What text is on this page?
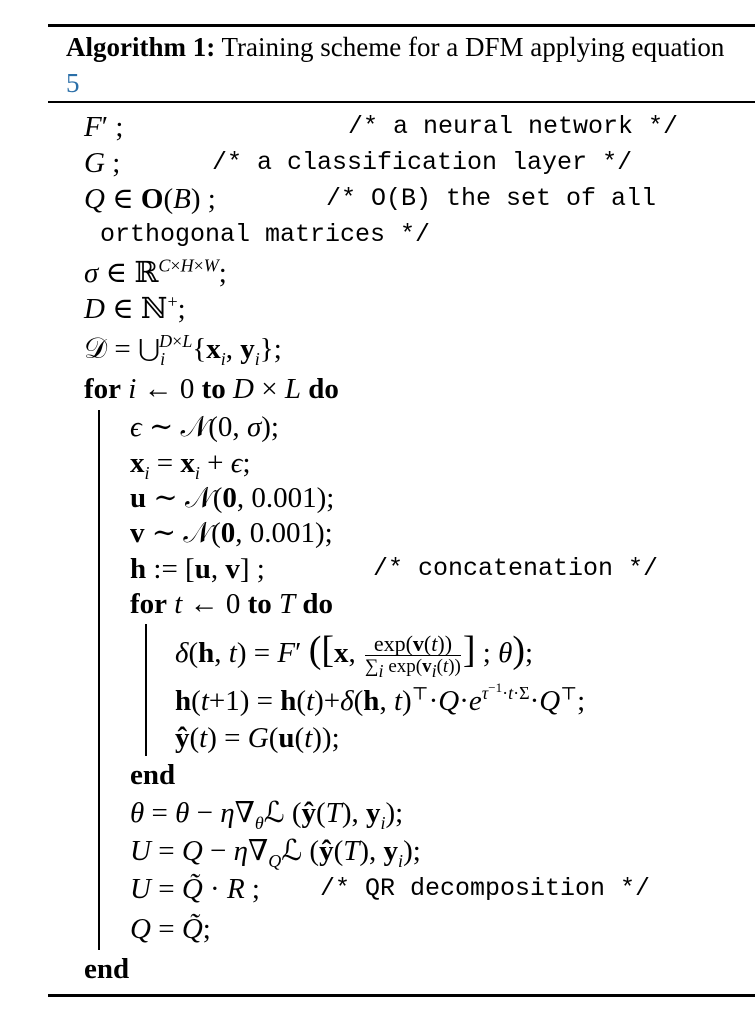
Algorithm 1: Training scheme for a DFM applying equation 5
F′ ;	/* a neural network */
G ;	/* a classification layer */
Q ∈ O(B) ;	/* O(B) the set of all
orthogonal matrices */
σ ∈ ℝ$^{C\times H\times W}$;
D ∈ ℕ+;
𝒟 = $⋃_i^{D\times L}\{x_i$, $y_i$};
for i ← 0 to D × L do
ϵ ∼ 𝒩(0, σ);
$x_i = x_i + \epsilon$;
u ∼ 𝒩(0, 0.001);
v ∼ 𝒩(0, 0.001);
h := [u, v] ;	/* concatenation */
for t ← 0 to T do
δ(h, t) = F′ ([x, $\frac{\exp(v(t))}{\sum_i \exp(v_i(t))}$ ] ; θ);
h(t+1) = h(t)+δ(h, $t)^⊤\cdot Q\cdot e^{\tau^{-1}\cdot t\cdot\Sigma}\cdot Q^⊤$;
ŷ(t) = G(u(t));
end
$\theta = \theta - \eta\nabla_\theta ℒ$ (ŷ(T), $y_i$);
$U = Q - \eta\nabla_Qℒ$ (ŷ(T), $y_i$);
U = Q̃ · R ; /* QR decomposition */
Q = Q̃;
end
